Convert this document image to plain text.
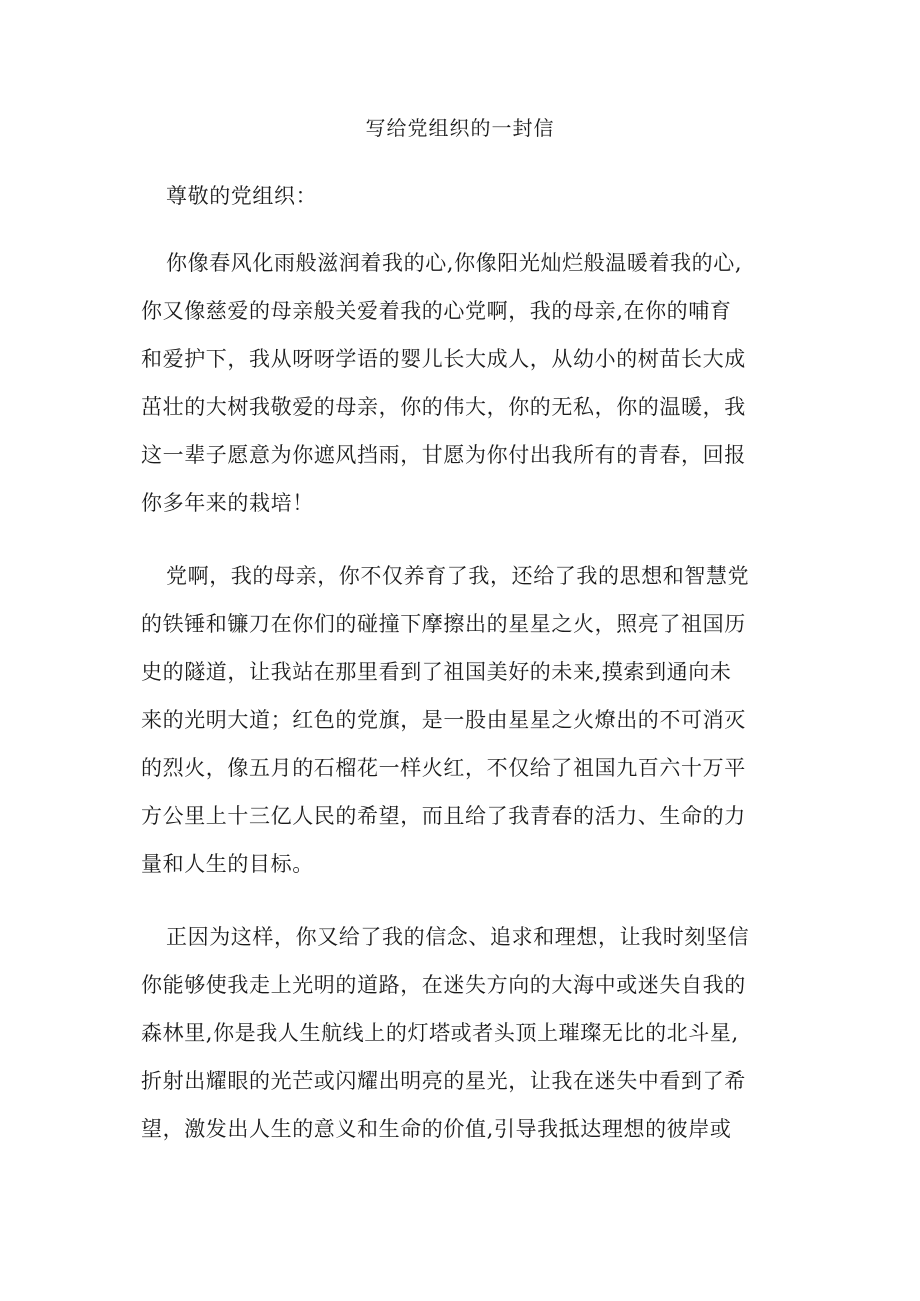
写给党组织的一封信
尊敬的党组织：
你像春风化雨般滋润着我的心,你像阳光灿烂般温暖着我的心,
你又像慈爱的母亲般关爱着我的心党啊，我的母亲,在你的哺育
和爱护下，我从呀呀学语的婴儿长大成人，从幼小的树苗长大成
茁壮的大树我敬爱的母亲，你的伟大，你的无私，你的温暖，我
这一辈子愿意为你遮风挡雨，甘愿为你付出我所有的青春，回报
你多年来的栽培！
党啊，我的母亲，你不仅养育了我，还给了我的思想和智慧党
的铁锤和镰刀在你们的碰撞下摩擦出的星星之火，照亮了祖国历
史的隧道，让我站在那里看到了祖国美好的未来,摸索到通向未
来的光明大道；红色的党旗，是一股由星星之火燎出的不可消灭
的烈火，像五月的石榴花一样火红，不仅给了祖国九百六十万平
方公里上十三亿人民的希望，而且给了我青春的活力、生命的力
量和人生的目标。
正因为这样，你又给了我的信念、追求和理想，让我时刻坚信
你能够使我走上光明的道路，在迷失方向的大海中或迷失自我的
森林里,你是我人生航线上的灯塔或者头顶上璀璨无比的北斗星,
折射出耀眼的光芒或闪耀出明亮的星光，让我在迷失中看到了希
望，激发出人生的意义和生命的价值,引导我抵达理想的彼岸或
